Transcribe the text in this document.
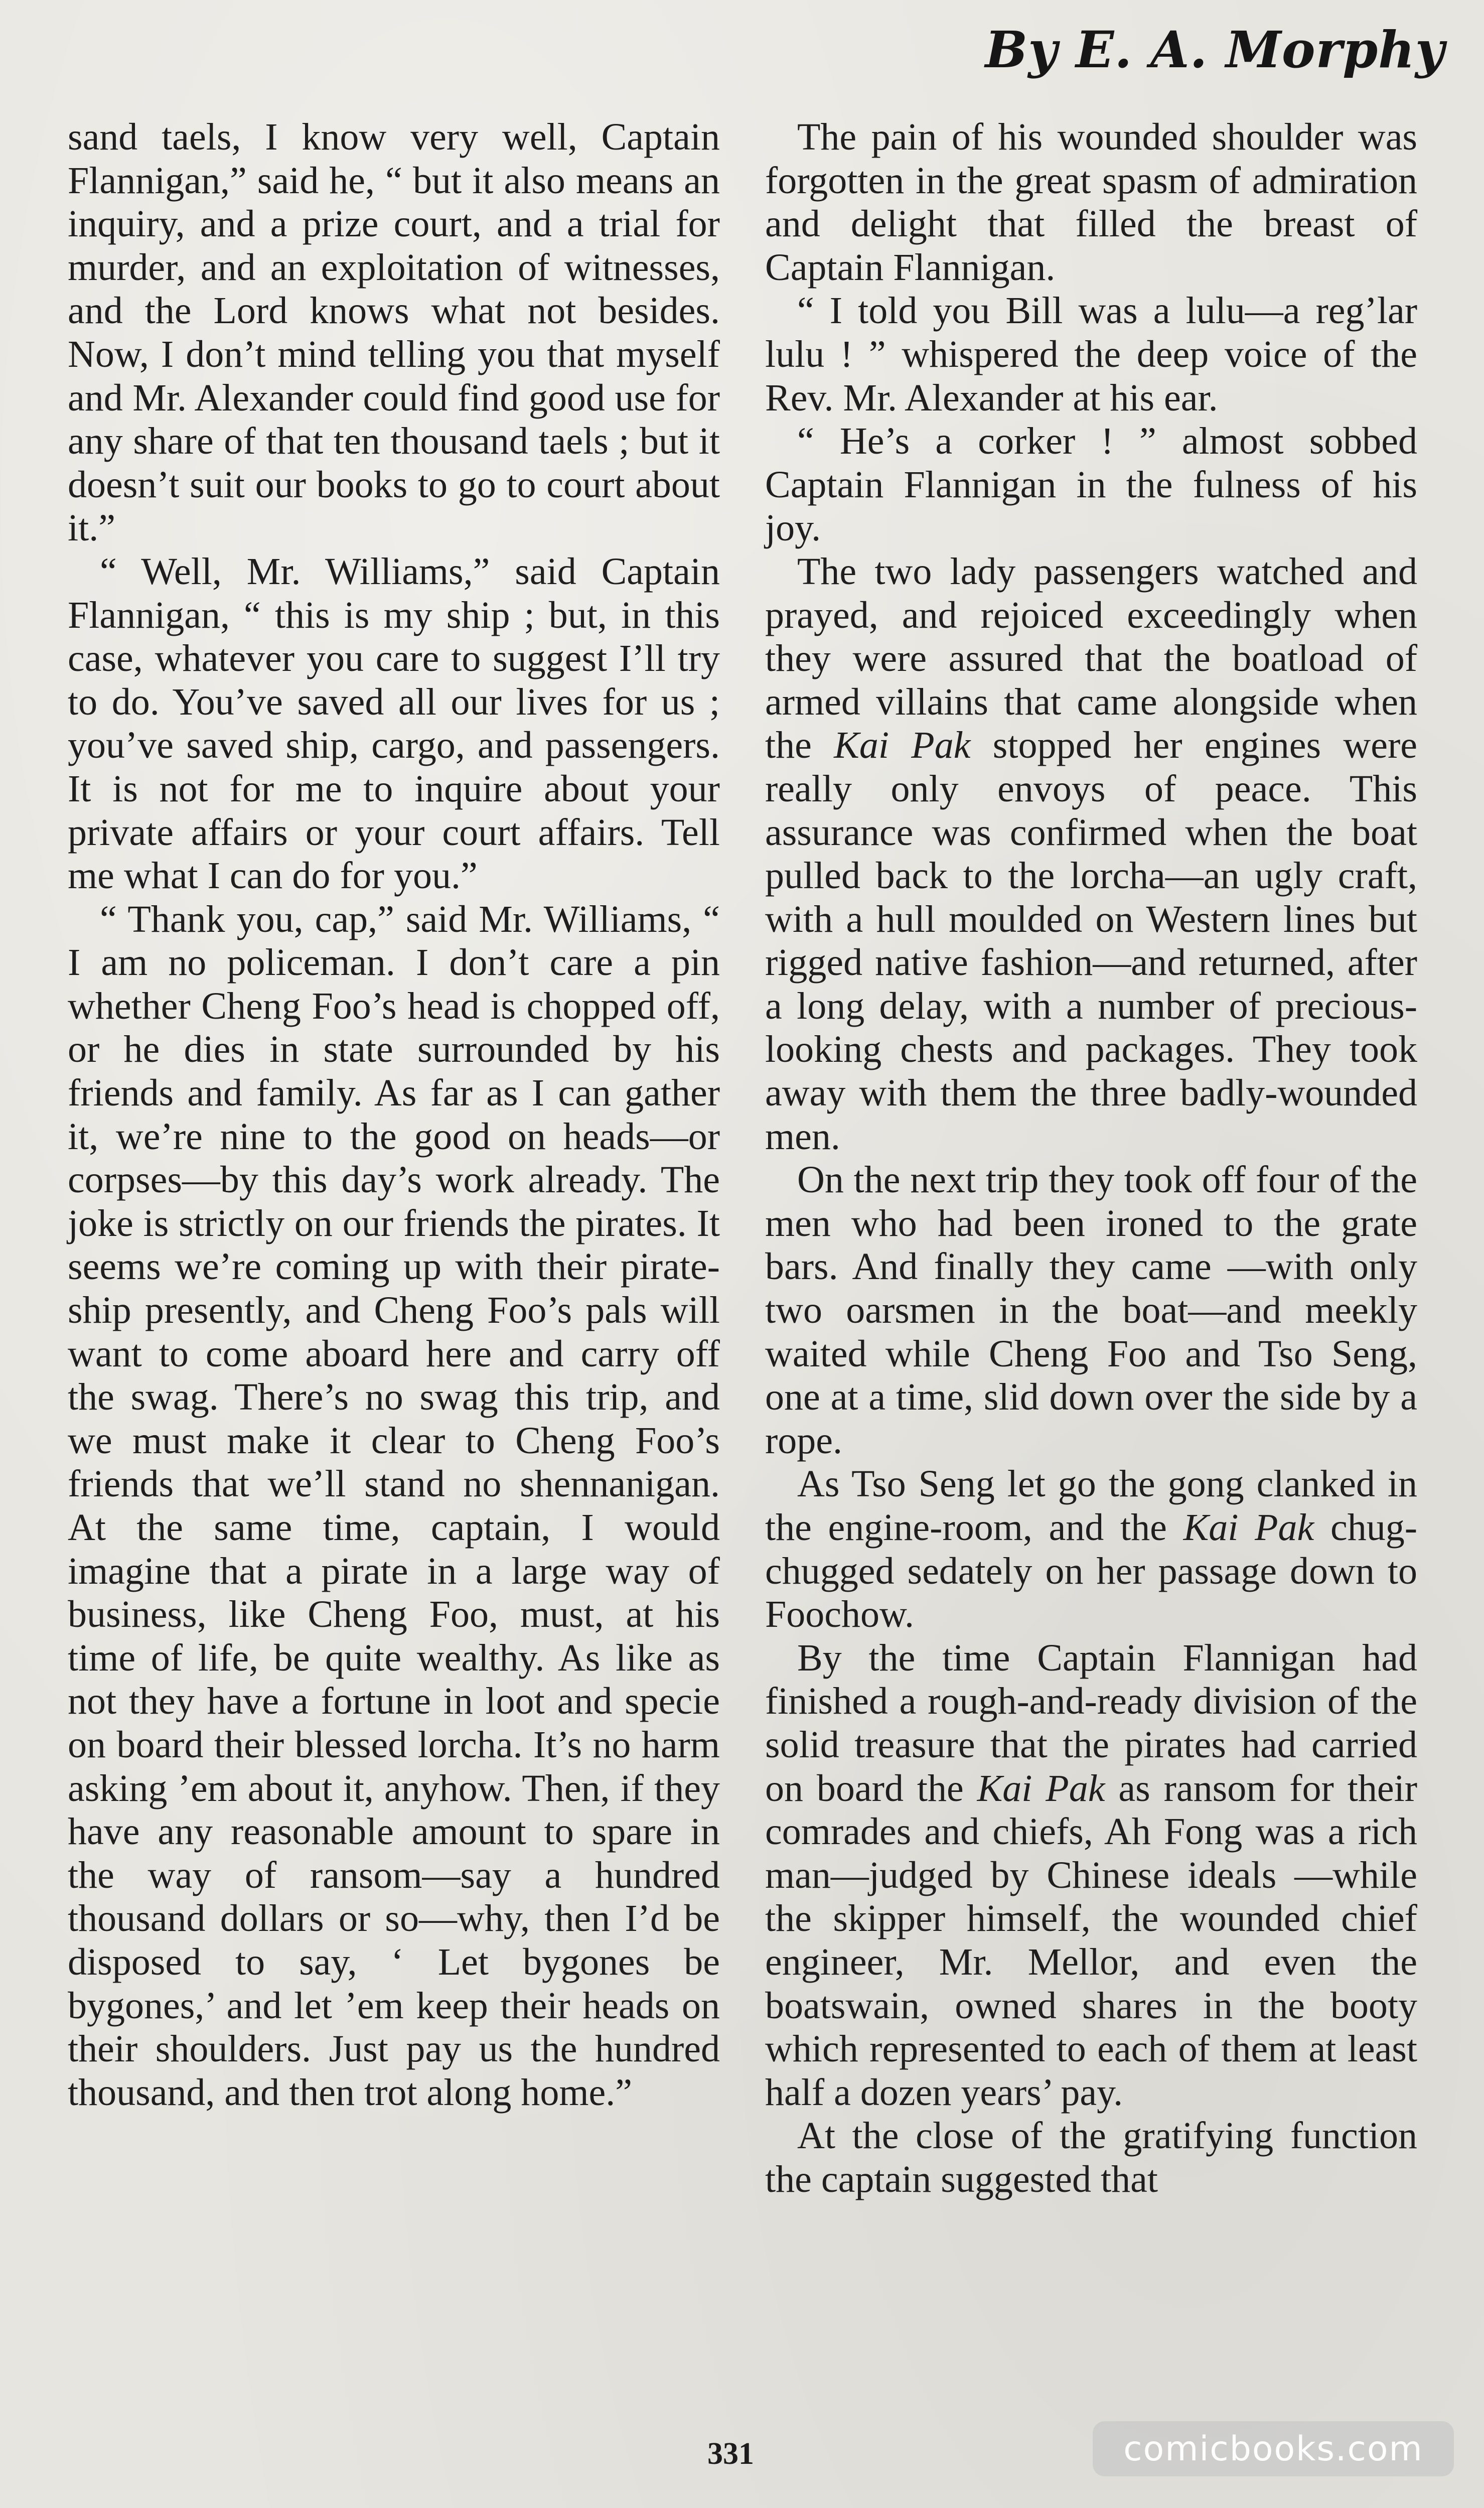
By E. A. Morphy

sand taels, I know very well, Captain Flannigan,” said he, “ but it also means an inquiry, and a prize court, and a trial for murder, and an exploitation of witnesses, and the Lord knows what not besides. Now, I don’t mind telling you that myself and Mr. Alexander could find good use for any share of that ten thousand taels ; but it doesn’t suit our books to go to court about it.”

“ Well, Mr. Williams,” said Captain Flannigan, “ this is my ship ; but, in this case, whatever you care to suggest I’ll try to do. You’ve saved all our lives for us ; you’ve saved ship, cargo, and passengers. It is not for me to inquire about your private affairs or your court affairs. Tell me what I can do for you.”

“ Thank you, cap,” said Mr. Williams, “ I am no policeman. I don’t care a pin whether Cheng Foo’s head is chopped off, or he dies in state surrounded by his friends and family. As far as I can gather it, we’re nine to the good on heads—or corpses—by this day’s work already. The joke is strictly on our friends the pirates. It seems we’re coming up with their pirate-ship presently, and Cheng Foo’s pals will want to come aboard here and carry off the swag. There’s no swag this trip, and we must make it clear to Cheng Foo’s friends that we’ll stand no shennanigan. At the same time, captain, I would imagine that a pirate in a large way of business, like Cheng Foo, must, at his time of life, be quite wealthy. As like as not they have a fortune in loot and specie on board their blessed lorcha. It’s no harm asking ’em about it, anyhow. Then, if they have any reasonable amount to spare in the way of ransom—say a hundred thousand dollars or so—why, then I’d be disposed to say, ‘ Let bygones be bygones,’ and let ’em keep their heads on their shoulders. Just pay us the hundred thousand, and then trot along home.”

The pain of his wounded shoulder was forgotten in the great spasm of admiration and delight that filled the breast of Captain Flannigan.

“ I told you Bill was a lulu—a reg’lar lulu ! ” whispered the deep voice of the Rev. Mr. Alexander at his ear.

“ He’s a corker ! ” almost sobbed Captain Flannigan in the fulness of his joy.

The two lady passengers watched and prayed, and rejoiced exceedingly when they were assured that the boatload of armed villains that came alongside when the Kai Pak stopped her engines were really only envoys of peace. This assurance was confirmed when the boat pulled back to the lorcha—an ugly craft, with a hull moulded on Western lines but rigged native fashion—and returned, after a long delay, with a number of precious-looking chests and packages. They took away with them the three badly-wounded men.

On the next trip they took off four of the men who had been ironed to the grate bars. And finally they came —with only two oarsmen in the boat—and meekly waited while Cheng Foo and Tso Seng, one at a time, slid down over the side by a rope.

As Tso Seng let go the gong clanked in the engine-room, and the Kai Pak chug-chugged sedately on her passage down to Foochow.

By the time Captain Flannigan had finished a rough-and-ready division of the solid treasure that the pirates had carried on board the Kai Pak as ransom for their comrades and chiefs, Ah Fong was a rich man—judged by Chinese ideals —while the skipper himself, the wounded chief engineer, Mr. Mellor, and even the boatswain, owned shares in the booty which represented to each of them at least half a dozen years’ pay.

At the close of the gratifying function the captain suggested that

331	comicbooks.com
